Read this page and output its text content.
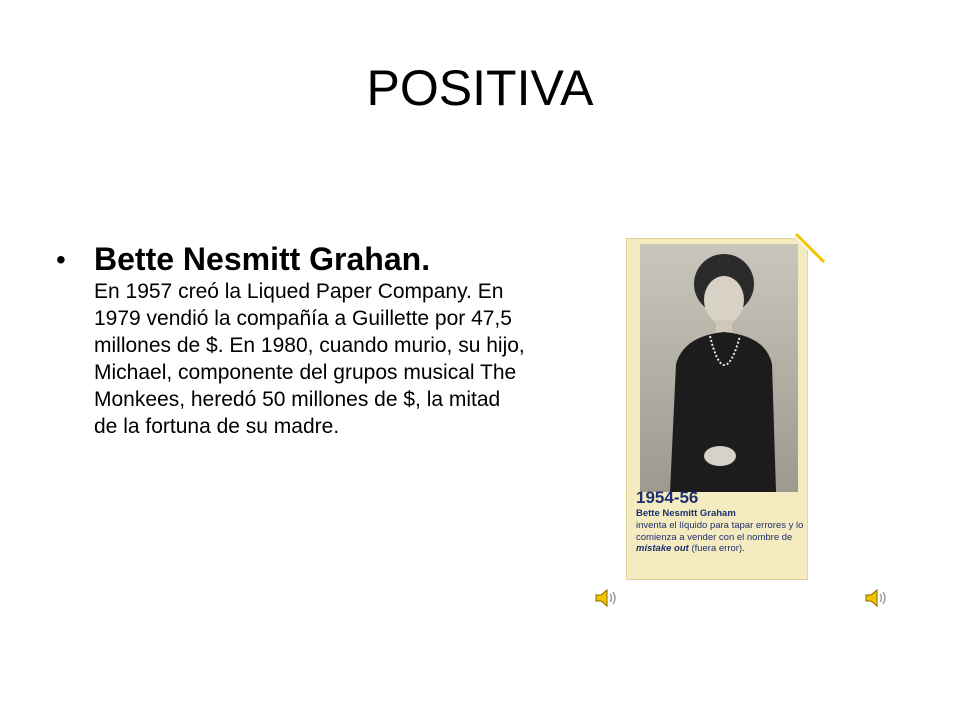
POSITIVA
• Bette Nesmitt Grahan.
En 1957 creó la Liqued Paper Company. En 1979 vendió la compañía a Guillette por 47,5 millones de $. En 1980, cuando murio, su hijo, Michael, componente del grupos musical The Monkees, heredó 50 millones de $, la mitad de la fortuna de su madre.
1954-56
Bette Nesmitt Graham
inventa el líquido para tapar errores y lo comienza a vender con el nombre de mistake out (fuera error).
